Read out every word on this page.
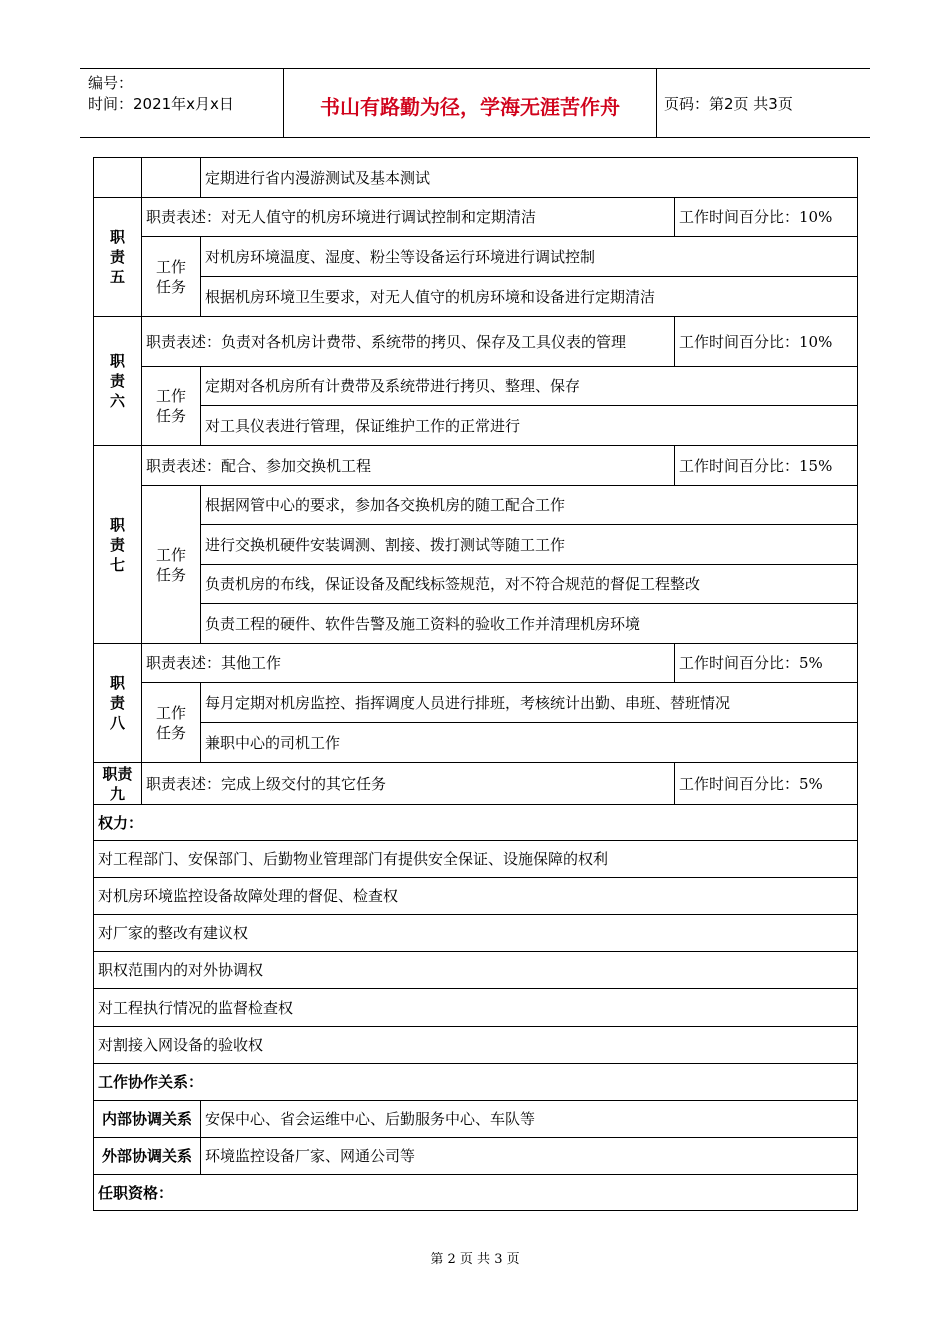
编号：
时间：2021年x月x日	书山有路勤为径，学海无涯苦作舟	页码：第2页 共3页
		定期进行省内漫游测试及基本测试	
职
责
五	职责表述：对无人值守的机房环境进行调试控制和定期清洁		工作时间百分比：10%
	工作
任务	对机房环境温度、湿度、粉尘等设备运行环境进行调试控制	
		根据机房环境卫生要求，对无人值守的机房环境和设备进行定期清洁	
职
责
六	职责表述：负责对各机房计费带、系统带的拷贝、保存及工具仪表的管理		工作时间百分比：10%
	工作
任务	定期对各机房所有计费带及系统带进行拷贝、整理、保存	
		对工具仪表进行管理，保证维护工作的正常进行	
职
责
七	职责表述：配合、参加交换机工程		工作时间百分比：15%
	工作
任务	根据网管中心的要求，参加各交换机房的随工配合工作	
		进行交换机硬件安装调测、割接、拨打测试等随工工作	
		负责机房的布线，保证设备及配线标签规范，对不符合规范的督促工程整改	
		负责工程的硬件、软件告警及施工资料的验收工作并清理机房环境	
职
责
八	职责表述：其他工作		工作时间百分比：5%
	工作
任务	每月定期对机房监控、指挥调度人员进行排班，考核统计出勤、串班、替班情况	
		兼职中心的司机工作	
职责
九	职责表述：完成上级交付的其它任务		工作时间百分比：5%
权力：			
对工程部门、安保部门、后勤物业管理部门有提供安全保证、设施保障的权利			
对机房环境监控设备故障处理的督促、检查权			
对厂家的整改有建议权			
职权范围内的对外协调权			
对工程执行情况的监督检查权			
对割接入网设备的验收权			
工作协作关系：			
内部协调关系		安保中心、省会运维中心、后勤服务中心、车队等	
外部协调关系		环境监控设备厂家、网通公司等	
任职资格：			
第 2 页 共 3 页
